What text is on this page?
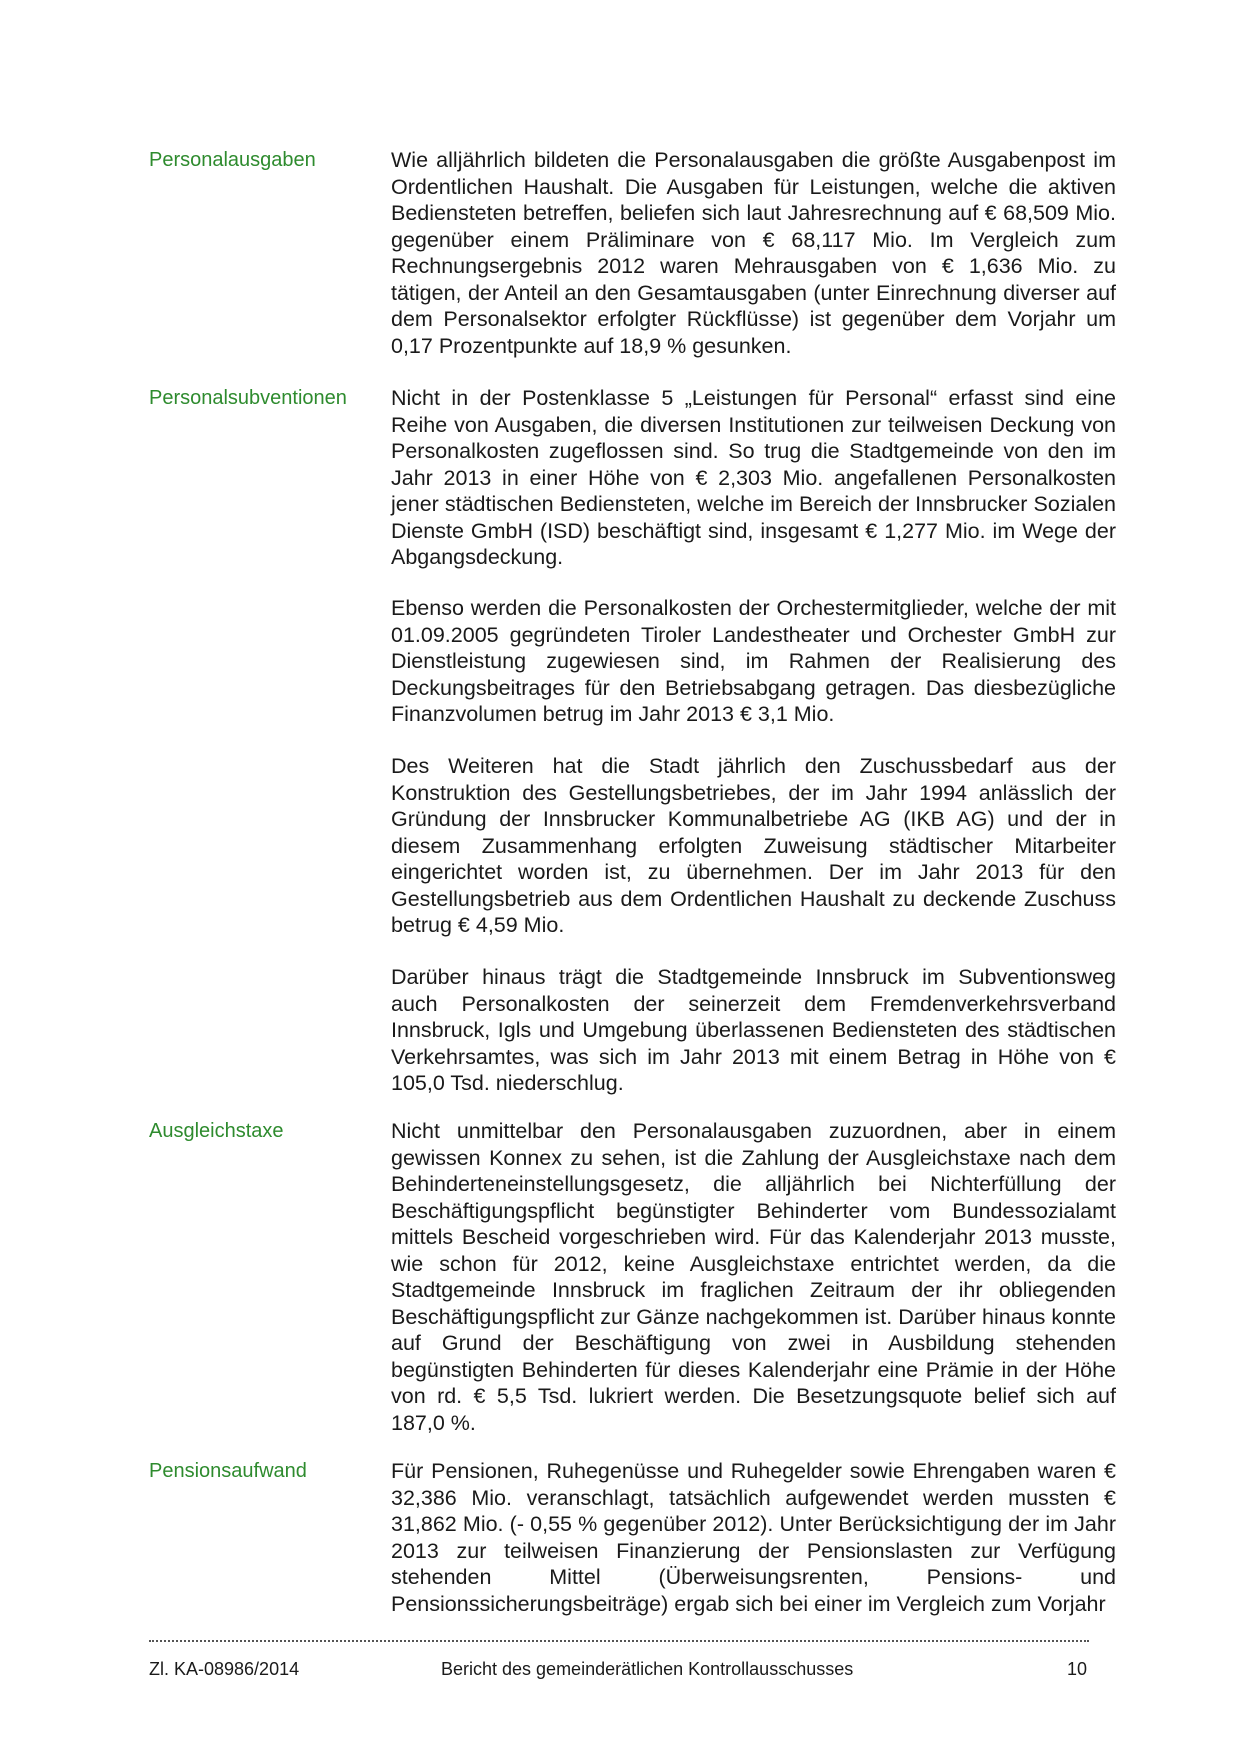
Personalausgaben	Wie alljährlich bildeten die Personalausgaben die größte Ausgabenpost im Ordentlichen Haushalt. Die Ausgaben für Leistungen, welche die aktiven Bediensteten betreffen, beliefen sich laut Jahresrechnung auf € 68,509 Mio. gegenüber einem Präliminare von € 68,117 Mio. Im Vergleich zum Rechnungsergebnis 2012 waren Mehrausgaben von € 1,636 Mio. zu tätigen, der Anteil an den Gesamtausgaben (unter Einrechnung diverser auf dem Personalsektor erfolgter Rückflüsse) ist gegenüber dem Vorjahr um 0,17 Prozentpunkte auf 18,9 % gesunken.

Personalsubventionen Nicht in der Postenklasse 5 „Leistungen für Personal“ erfasst sind eine Reihe von Ausgaben, die diversen Institutionen zur teilweisen Deckung von Personalkosten zugeflossen sind. So trug die Stadtgemeinde von den im Jahr 2013 in einer Höhe von € 2,303 Mio. angefallenen Personalkosten jener städtischen Bediensteten, welche im Bereich der Innsbrucker Sozialen Dienste GmbH (ISD) beschäftigt sind, insgesamt € 1,277 Mio. im Wege der Abgangsdeckung.

Ebenso werden die Personalkosten der Orchestermitglieder, welche der mit 01.09.2005 gegründeten Tiroler Landestheater und Orchester GmbH zur Dienstleistung zugewiesen sind, im Rahmen der Realisierung des Deckungsbeitrages für den Betriebsabgang getragen. Das diesbezügliche Finanzvolumen betrug im Jahr 2013 € 3,1 Mio.

Des Weiteren hat die Stadt jährlich den Zuschussbedarf aus der Konstruktion des Gestellungsbetriebes, der im Jahr 1994 anlässlich der Gründung der Innsbrucker Kommunalbetriebe AG (IKB AG) und der in diesem Zusammenhang erfolgten Zuweisung städtischer Mitarbeiter eingerichtet worden ist, zu übernehmen. Der im Jahr 2013 für den Gestellungsbetrieb aus dem Ordentlichen Haushalt zu deckende Zuschuss betrug € 4,59 Mio.

Darüber hinaus trägt die Stadtgemeinde Innsbruck im Subventionsweg auch Personalkosten der seinerzeit dem Fremdenverkehrsverband Innsbruck, Igls und Umgebung überlassenen Bediensteten des städtischen Verkehrsamtes, was sich im Jahr 2013 mit einem Betrag in Höhe von € 105,0 Tsd. niederschlug.

Ausgleichstaxe	Nicht unmittelbar den Personalausgaben zuzuordnen, aber in einem gewissen Konnex zu sehen, ist die Zahlung der Ausgleichstaxe nach dem Behinderteneinstellungsgesetz, die alljährlich bei Nichterfüllung der Beschäftigungspflicht begünstigter Behinderter vom Bundessozialamt mittels Bescheid vorgeschrieben wird. Für das Kalenderjahr 2013 musste, wie schon für 2012, keine Ausgleichstaxe entrichtet werden, da die Stadtgemeinde Innsbruck im fraglichen Zeitraum der ihr obliegenden Beschäftigungspflicht zur Gänze nachgekommen ist. Darüber hinaus konnte auf Grund der Beschäftigung von zwei in Ausbildung stehenden begünstigten Behinderten für dieses Kalenderjahr eine Prämie in der Höhe von rd. € 5,5 Tsd. lukriert werden. Die Besetzungsquote belief sich auf 187,0 %.

Pensionsaufwand	Für Pensionen, Ruhegenüsse und Ruhegelder sowie Ehrengaben waren € 32,386 Mio. veranschlagt, tatsächlich aufgewendet werden mussten € 31,862 Mio. (- 0,55 % gegenüber 2012). Unter Berücksichtigung der im Jahr 2013 zur teilweisen Finanzierung der Pensionslasten zur Verfügung stehenden Mittel (Überweisungsrenten, Pensions- und Pensionssicherungsbeiträge) ergab sich bei einer im Vergleich zum Vorjahr

Zl. KA-08986/2014	Bericht des gemeinderätlichen Kontrollausschusses	10
